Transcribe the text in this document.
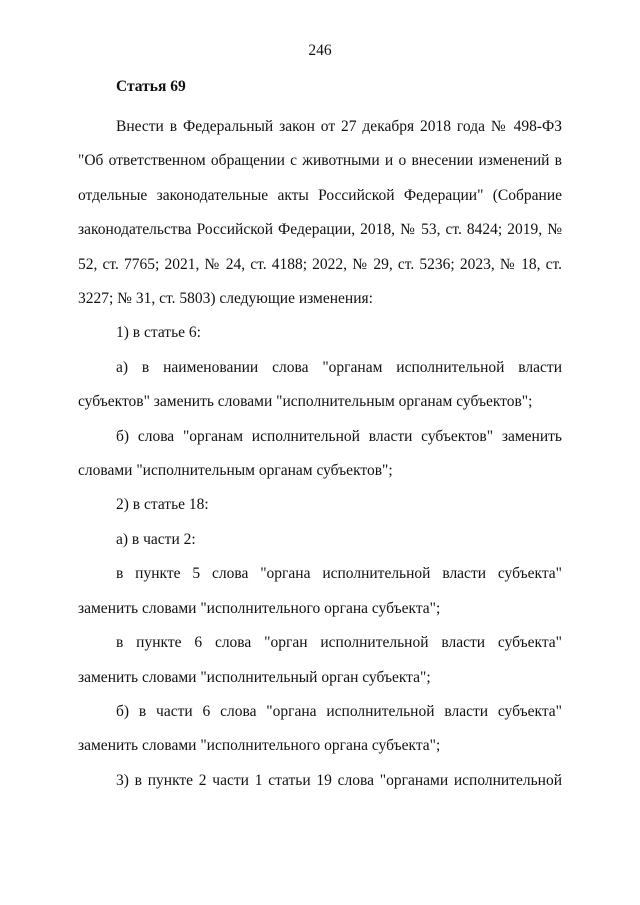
246
Статья 69

Внести в Федеральный закон от 27 декабря 2018 года № 498-ФЗ "Об ответственном обращении с животными и о внесении изменений в отдельные законодательные акты Российской Федерации" (Собрание законодательства Российской Федерации, 2018, № 53, ст. 8424; 2019, № 52, ст. 7765; 2021, № 24, ст. 4188; 2022, № 29, ст. 5236; 2023, № 18, ст. 3227; № 31, ст. 5803) следующие изменения:

1) в статье 6:

а) в наименовании слова "органам исполнительной власти субъектов" заменить словами "исполнительным органам субъектов";

б) слова "органам исполнительной власти субъектов" заменить словами "исполнительным органам субъектов";

2) в статье 18:

а) в части 2:

в пункте 5 слова "органа исполнительной власти субъекта" заменить словами "исполнительного органа субъекта";

в пункте 6 слова "орган исполнительной власти субъекта" заменить словами "исполнительный орган субъекта";

б) в части 6 слова "органа исполнительной власти субъекта" заменить словами "исполнительного органа субъекта";

3) в пункте 2 части 1 статьи 19 слова "органами исполнительной
